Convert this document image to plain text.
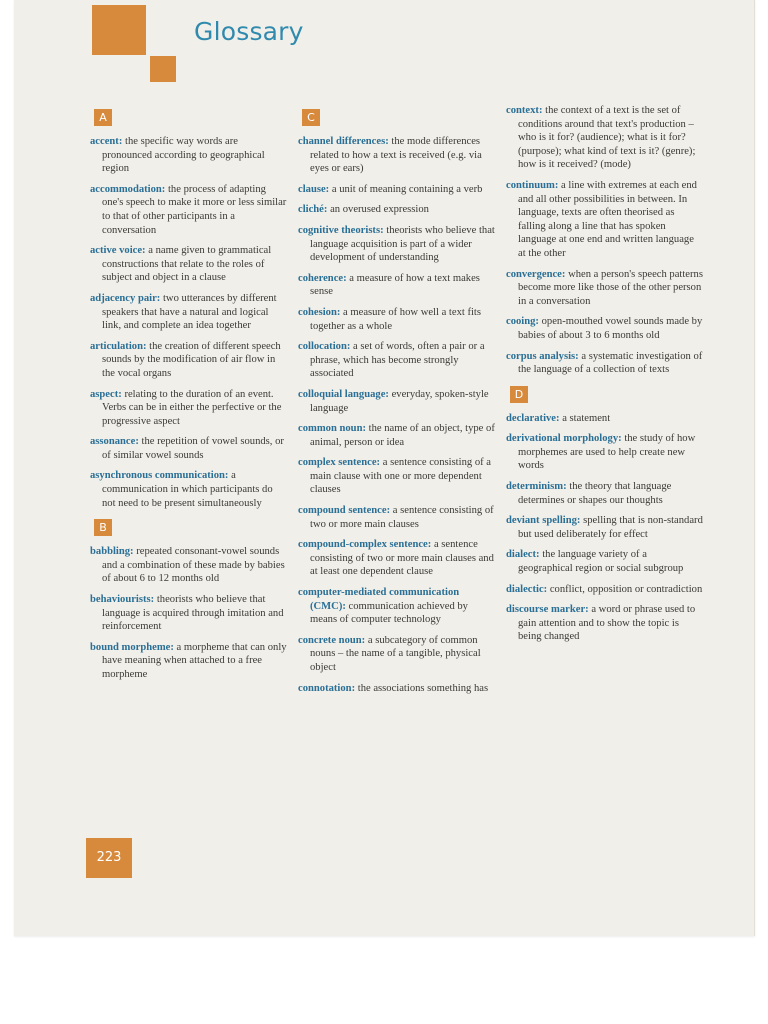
Glossary
A
accent: the specific way words are pronounced according to geographical region
accommodation: the process of adapting one's speech to make it more or less similar to that of other participants in a conversation
active voice: a name given to grammatical constructions that relate to the roles of subject and object in a clause
adjacency pair: two utterances by different speakers that have a natural and logical link, and complete an idea together
articulation: the creation of different speech sounds by the modification of air flow in the vocal organs
aspect: relating to the duration of an event. Verbs can be in either the perfective or the progressive aspect
assonance: the repetition of vowel sounds, or of similar vowel sounds
asynchronous communication: a communication in which participants do not need to be present simultaneously
B
babbling: repeated consonant-vowel sounds and a combination of these made by babies of about 6 to 12 months old
behaviourists: theorists who believe that language is acquired through imitation and reinforcement
bound morpheme: a morpheme that can only have meaning when attached to a free morpheme
C
channel differences: the mode differences related to how a text is received (e.g. via eyes or ears)
clause: a unit of meaning containing a verb
cliché: an overused expression
cognitive theorists: theorists who believe that language acquisition is part of a wider development of understanding
coherence: a measure of how a text makes sense
cohesion: a measure of how well a text fits together as a whole
collocation: a set of words, often a pair or a phrase, which has become strongly associated
colloquial language: everyday, spoken-style language
common noun: the name of an object, type of animal, person or idea
complex sentence: a sentence consisting of a main clause with one or more dependent clauses
compound sentence: a sentence consisting of two or more main clauses
compound-complex sentence: a sentence consisting of two or more main clauses and at least one dependent clause
computer-mediated communication (CMC): communication achieved by means of computer technology
concrete noun: a subcategory of common nouns – the name of a tangible, physical object
connotation: the associations something has
context: the context of a text is the set of conditions around that text's production – who is it for? (audience); what is it for? (purpose); what kind of text is it? (genre); how is it received? (mode)
continuum: a line with extremes at each end and all other possibilities in between. In language, texts are often theorised as falling along a line that has spoken language at one end and written language at the other
convergence: when a person's speech patterns become more like those of the other person in a conversation
cooing: open-mouthed vowel sounds made by babies of about 3 to 6 months old
corpus analysis: a systematic investigation of the language of a collection of texts
D
declarative: a statement
derivational morphology: the study of how morphemes are used to help create new words
determinism: the theory that language determines or shapes our thoughts
deviant spelling: spelling that is non-standard but used deliberately for effect
dialect: the language variety of a geographical region or social subgroup
dialectic: conflict, opposition or contradiction
discourse marker: a word or phrase used to gain attention and to show the topic is being changed
223
